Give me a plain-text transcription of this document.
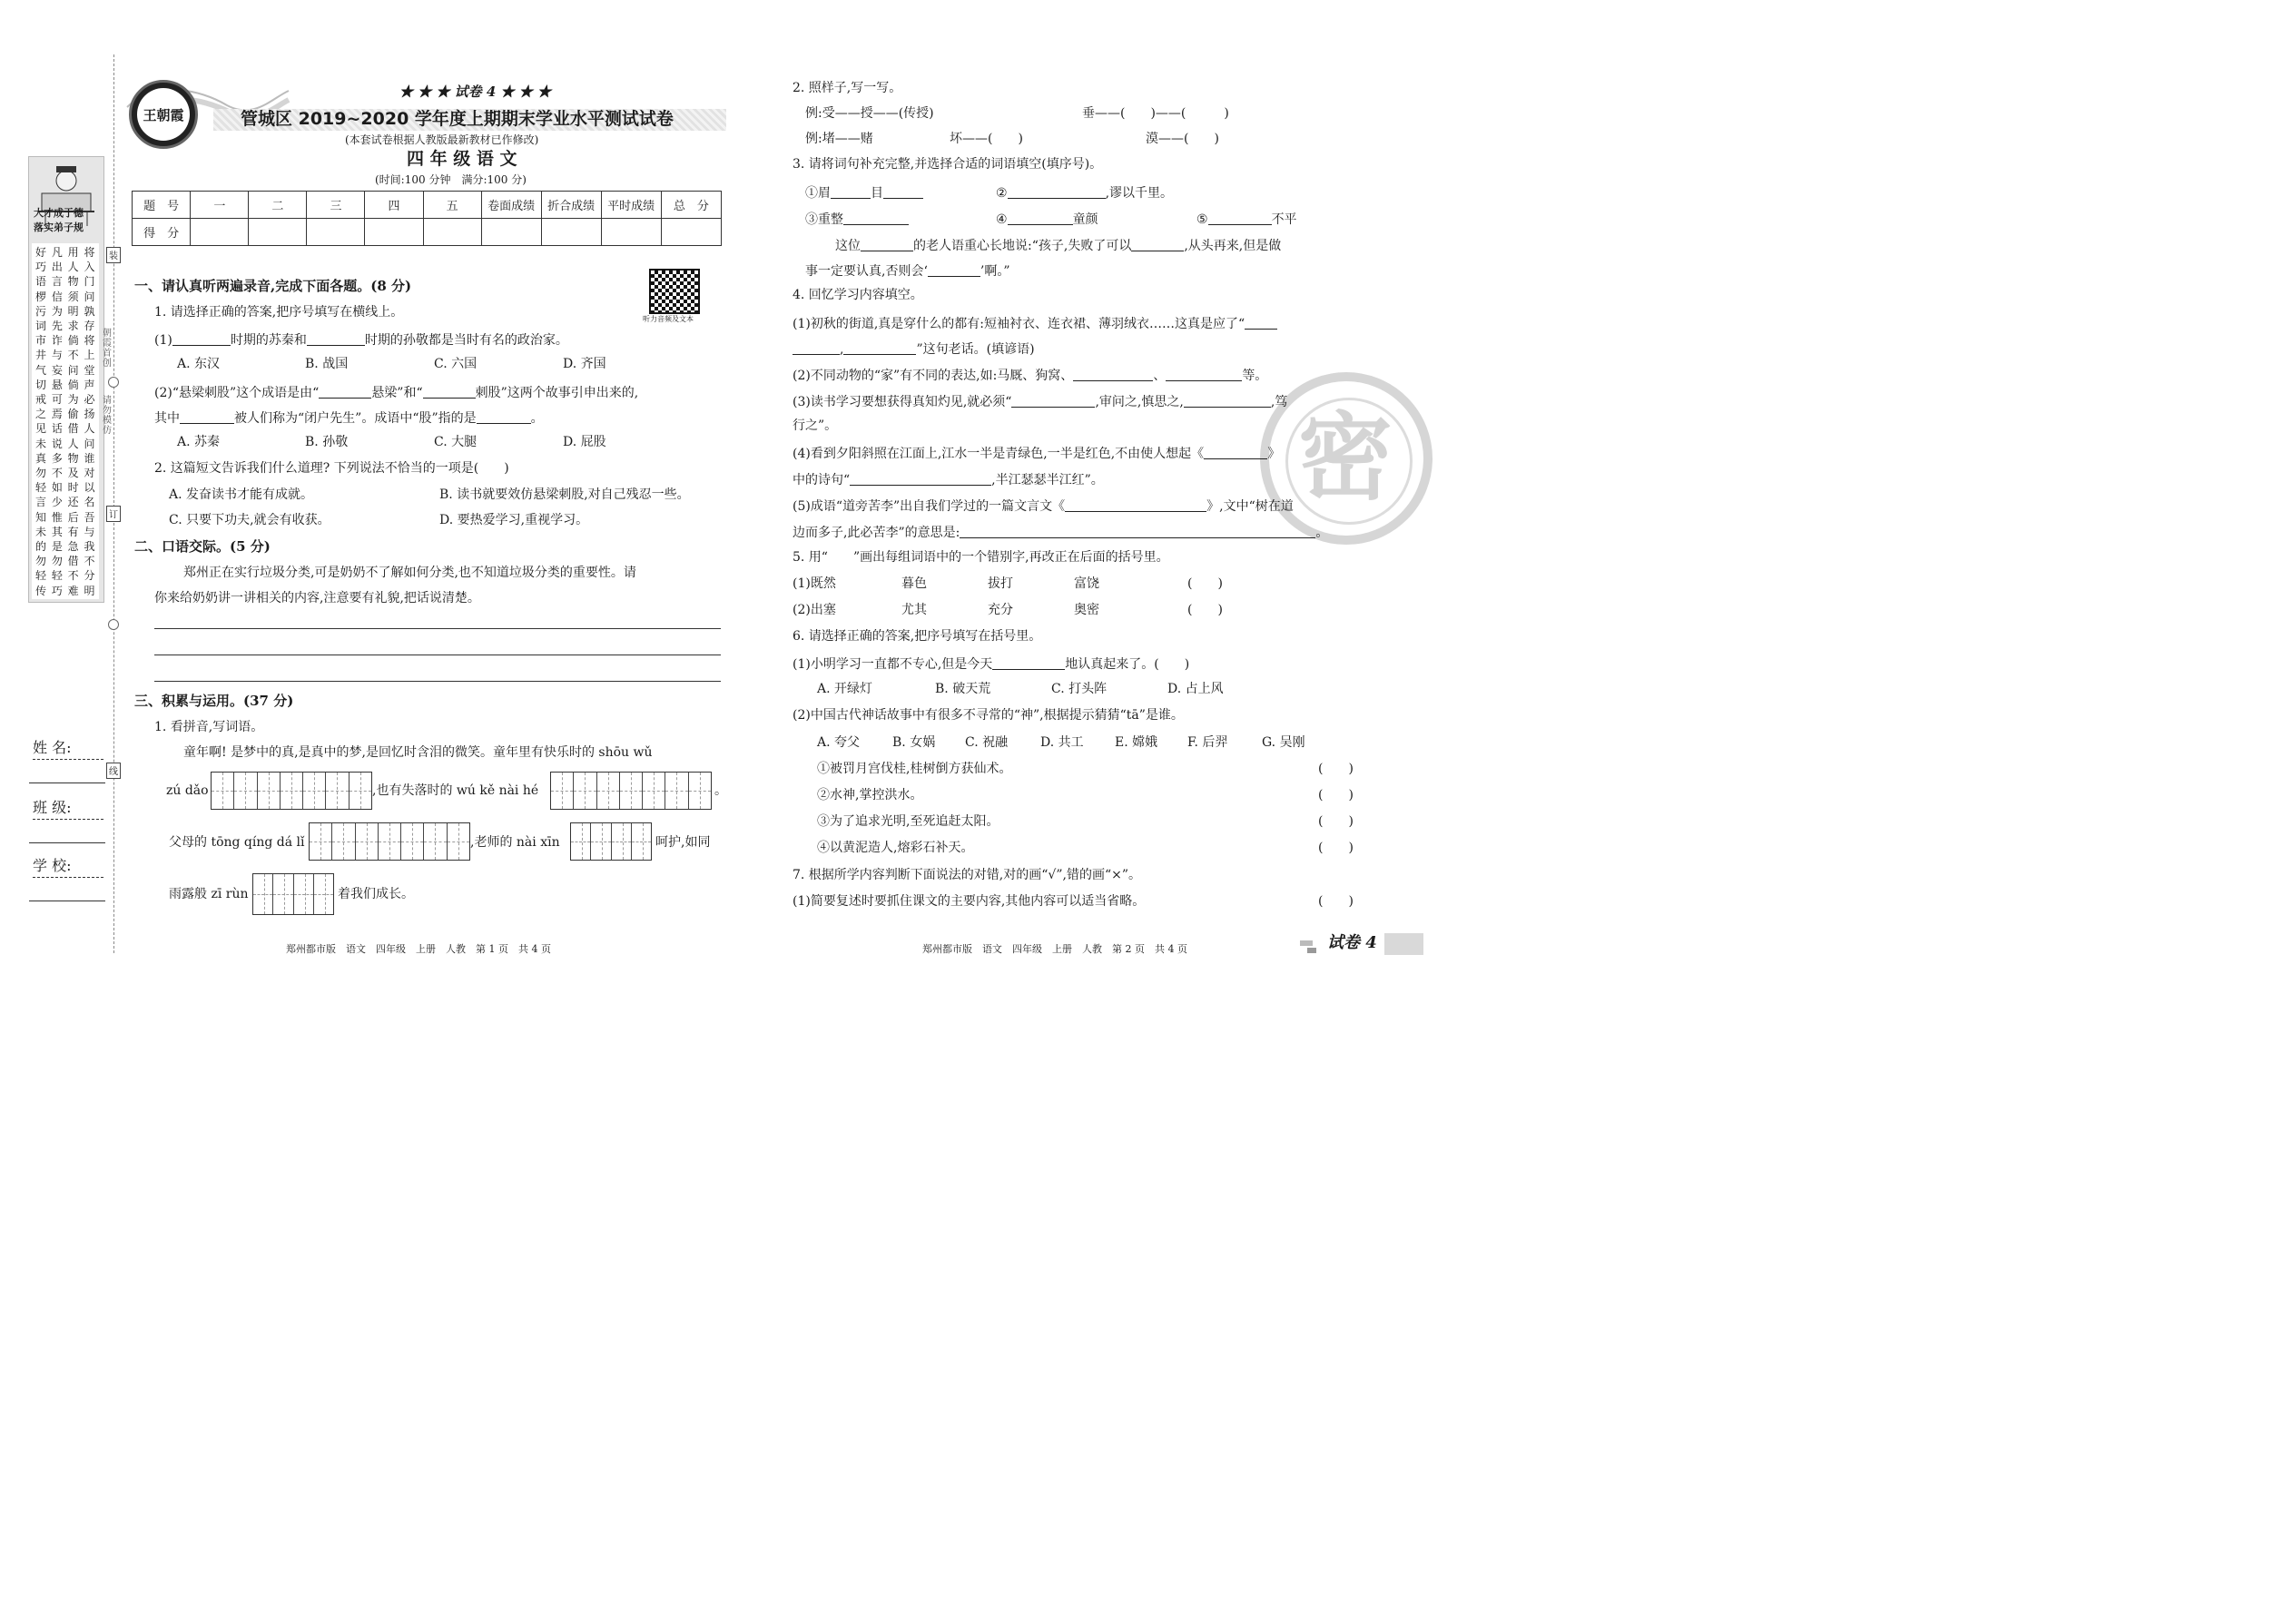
大才成于德
落实弟子规
好 凡 用 将
巧 出 人 入
语 言 物 门
椤 信 须 问
污 为 明 孰
词 先 求 存
市 诈 倘 将
井 与 不 上
气 妄 问 堂
切 悬 倘 声
戒 可 为 必
之 焉 偷 扬
见 话 借 人
未 说 人 问
真 多 物 谁
勿 不 及 对
轻 如 时 以
言 少 还 名
知 惟 后 吾
未 其 有 与
的 是 急 我
勿 勿 借 不
轻 轻 不 分
传 巧 难 明
姓 名:
班 级:
学 校:
装
订
线
朝霞首创
请勿模仿
王朝霞
★ ★ ★ 试卷 4 ★ ★ ★
管城区 2019~2020 学年度上期期末学业水平测试试卷
(本套试卷根据人教版最新教材已作修改)
四 年 级 语 文
(时间:100 分钟　满分:100 分)
题　号	一	二	三	四	五	卷面成绩	折合成绩	平时成绩	总　分
得　分									
听力音频及文本
一、请认真听两遍录音,完成下面各题。(8 分)
1. 请选择正确的答案,把序号填写在横线上。
(1)	时期的苏秦和	时期的孙敬都是当时有名的政治家。
A. 东汉	B. 战国	C. 六国	D. 齐国
(2)“悬梁刺股”这个成语是由“	悬梁”和“	刺股”这两个故事引申出来的,
其中	被人们称为“闭户先生”。成语中“股”指的是	。
A. 苏秦	B. 孙敬	C. 大腿	D. 屁股
2. 这篇短文告诉我们什么道理? 下列说法不恰当的一项是(　　)
A. 发奋读书才能有成就。	B. 读书就要效仿悬梁刺股,对自己残忍一些。
C. 只要下功夫,就会有收获。	D. 要热爱学习,重视学习。
二、口语交际。(5 分)
郑州正在实行垃圾分类,可是奶奶不了解如何分类,也不知道垃圾分类的重要性。请
你来给奶奶讲一讲相关的内容,注意要有礼貌,把话说清楚。
三、积累与运用。(37 分)
1. 看拼音,写词语。
童年啊! 是梦中的真,是真中的梦,是回忆时含泪的微笑。童年里有快乐时的 shōu wǔ
zú dǎo	,也有失落时的 wú kě nài hé	。
父母的 tōng qíng dá lǐ	,老师的 nài xīn	呵护,如同
雨露般 zī rùn	着我们成长。
郑州都市版　语文　四年级　上册　人教　第 1 页　共 4 页
密
2. 照样子,写一写。
例:受——授——(传授)	垂——(　　)——(　　　)
例:堵——赌	坏——(　　)	漠——(　　)
3. 请将词句补充完整,并选择合适的词语填空(填序号)。
①眉	目	②	,谬以千里。
③重整	④	童颜	⑤	不平
这位	的老人语重心长地说:“孩子,失败了可以	,从头再来,但是做
事一定要认真,否则会‘	’啊。”
4. 回忆学习内容填空。
(1)初秋的街道,真是穿什么的都有:短袖衬衣、连衣裙、薄羽绒衣……这真是应了“
,	”这句老话。(填谚语)
(2)不同动物的“家”有不同的表达,如:马厩、狗窝、	、	等。
(3)读书学习要想获得真知灼见,就必须“	,审问之,慎思之,	,笃
行之”。
(4)看到夕阳斜照在江面上,江水一半是青绿色,一半是红色,不由使人想起《	》
中的诗句“	,半江瑟瑟半江红”。
(5)成语“道旁苦李”出自我们学过的一篇文言文《	》,文中“树在道
边而多子,此必苦李”的意思是:	。
5. 用“　　”画出每组词语中的一个错别字,再改正在后面的括号里。
(1)既然	暮色	拔打	富饶	(　　)
(2)出塞	尤其	充分	奥密	(　　)
6. 请选择正确的答案,把序号填写在括号里。
(1)小明学习一直都不专心,但是今天	地认真起来了。(　　)
A. 开绿灯	B. 破天荒	C. 打头阵	D. 占上风
(2)中国古代神话故事中有很多不寻常的“神”,根据提示猜猜“tā”是谁。
A. 夸父	B. 女娲 C. 祝融	D. 共工 E. 嫦娥 F. 后羿	G. 吴刚
①被罚月宫伐桂,桂树倒方获仙术。	(　　)
②水神,掌控洪水。	(　　)
③为了追求光明,至死追赶太阳。	(　　)
④以黄泥造人,熔彩石补天。	(　　)
7. 根据所学内容判断下面说法的对错,对的画“√”,错的画“×”。
(1)简要复述时要抓住课文的主要内容,其他内容可以适当省略。	(　　)
郑州都市版　语文　四年级　上册　人教　第 2 页　共 4 页	试卷 4
